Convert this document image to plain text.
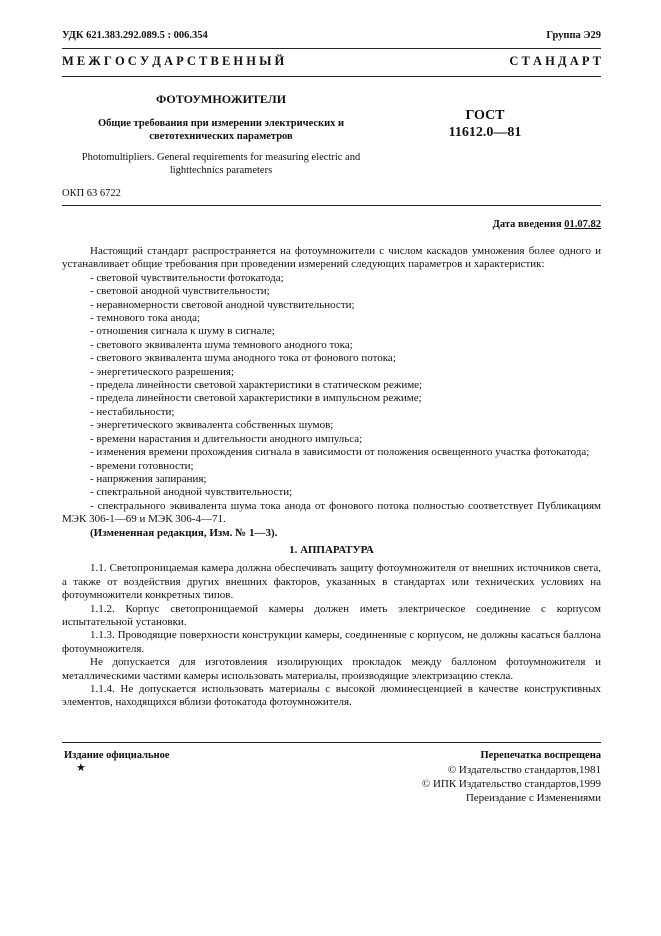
УДК 621.383.292.089.5 : 006.354	Группа Э29
М Е Ж Г О С У Д А Р С Т В Е Н Н Ы Й	С Т А Н Д А Р Т
ФОТОУМНОЖИТЕЛИ
Общие требования при измерении электрических и светотехнических параметров
ГОСТ
11612.0—81
Photomultipliers. General requirements for measuring electric and lighttechnics parameters
ОКП 63 6722
Дата введения 01.07.82

Настоящий стандарт распространяется на фотоумножители с числом каскадов умножения более одного и устанавливает общие требования при проведении измерений следующих параметров и характеристик:

- световой чувствительности фотокатода;

- световой анодной чувствительности;

- неравномерности световой анодной чувствительности;

- темнового тока анода;

- отношения сигнала к шуму в сигнале;

- светового эквивалента шума темнового анодного тока;

- светового эквивалента шума анодного тока от фонового потока;

- энергетического разрешения;

- предела линейности световой характеристики в статическом режиме;

- предела линейности световой характеристики в импульсном режиме;

- нестабильности;

- энергетического эквивалента собственных шумов;

- времени нарастания и длительности анодного импульса;

- изменения времени прохождения сигнала в зависимости от положения освещенного участка фотокатода;

- времени готовности;

- напряжения запирания;

- спектральной анодной чувствительности;

- спектрального эквивалента шума тока анода от фонового потока полностью соответствует Публикациям МЭК 306-1—69 и МЭК 306-4—71.

(Измененная редакция, Изм. № 1—3).

1. АППАРАТУРА

1.1. Светопроницаемая камера должна обеспечивать защиту фотоумножителя от внешних источников света, а также от воздействия других внешних факторов, указанных в стандартах или технических условиях на фотоумножители конкретных типов.

1.1.2. Корпус светопроницаемой камеры должен иметь электрическое соединение с корпусом испытательной установки.

1.1.3. Проводящие поверхности конструкции камеры, соединенные с корпусом, не должны касаться баллона фотоумножителя.

Не допускается для изготовления изолирующих прокладок между баллоном фотоумножителя и металлическими частями камеры использовать материалы, производящие электризацию стекла.

1.1.4. Не допускается использовать материалы с высокой люминесценцией в качестве конструктивных элементов, находящихся вблизи фотокатода фотоумножителя.

Издание официальное
★
Перепечатка воспрещена
© Издательство стандартов,1981
© ИПК Издательство стандартов,1999
Переиздание с Изменениями
